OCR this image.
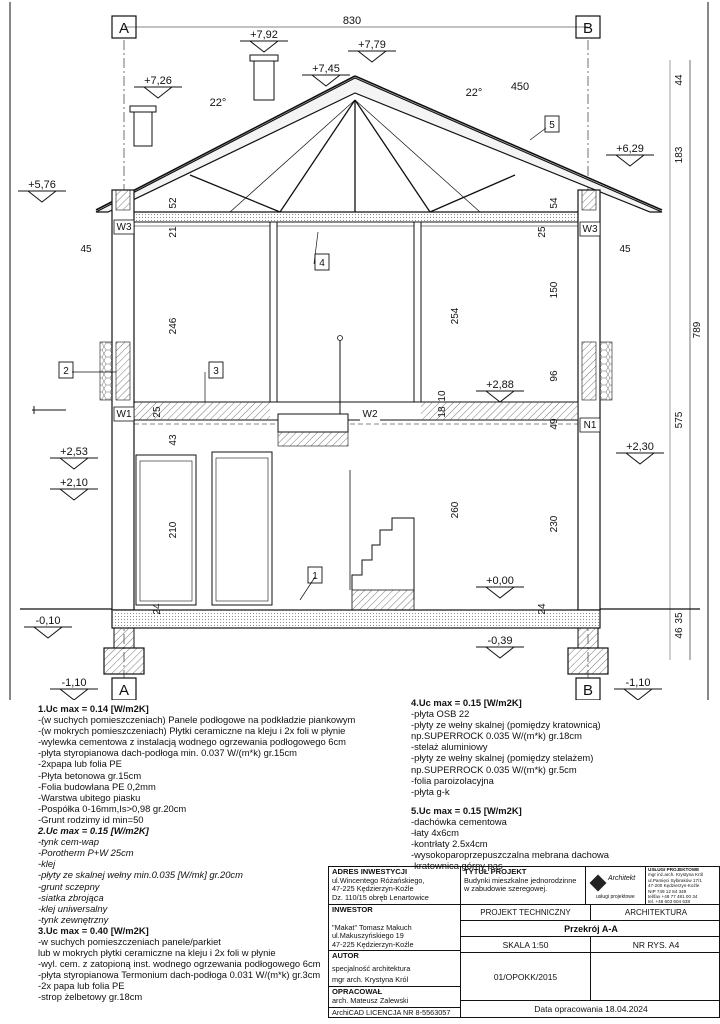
A	B
A	B
830
+7,92
+7,79
+7,45
+7,26
+6,29
+5,76
+2,88
+2,53
+2,10
+2,30
+0,00
-0,10
-0,39
-1,10	-1,10
52
21
246
25
43
210
24
54
25
254
150
96
10
18
260
230
49
24
45	45
44
183
575
789
35
46
450
22°
22°
W3	W3
W1	W2
N1
1
2	3
4
5
1.Uc max = 0.14 [W/m2K]
-(w suchych pomieszczeniach) Panele podłogowe na podkładzie piankowym
-(w mokrych pomieszczeniach) Płytki ceramiczne na kleju i 2x foli w płynie
-wylewka cementowa z instalacją wodnego ogrzewania podłogowego 6cm
-płyta styropianowa dach-podłoga min. 0.037 W/(m*k) gr.15cm
-2xpapa lub folia PE
-Płyta betonowa gr.15cm
-Folia budowlana PE 0,2mm
-Warstwa ubitego piasku
-Pospółka 0-16mm,Is>0,98 gr.20cm
-Grunt rodzimy id min=50
2.Uc max = 0.15 [W/m2K]
-tynk cem-wap
-Porotherm P+W 25cm
-klej
-płyty ze skalnej wełny min.0.035 [W/mk] gr.20cm
-grunt sczepny
-siatka zbrojąca
-klej uniwersalny
-tynk zewnętrzny
3.Uc max = 0.40 [W/m2K]
-w suchych pomieszczeniach panele/parkiet
lub w mokrych płytki ceramiczne na kleju i 2x foli w płynie
-wyl. cem. z zatopioną inst. wodnego ogrzewania podłogowego 6cm
-płyta styropianowa Termonium dach-podłoga 0.031 W/(m*k) gr.3cm
-2x papa lub folia PE
-strop żelbetowy gr.18cm
4.Uc max = 0.15 [W/m2K]
-płyta OSB 22
-płyty ze wełny skalnej (pomiędzy kratownicą)
np.SUPERROCK 0.035 W/(m*k) gr.18cm
-stelaż aluminiowy
-płyty ze wełny skalnej (pomiędzy stelażem)
np.SUPERROCK 0.035 W/(m*k) gr.5cm
-folia paroizolacyjna
-płyta g-k
5.Uc max = 0.15 [W/m2K]
-dachówka cementowa
-łaty 4x6cm
-kontrłaty 2.5x4cm
-wysokoparoprzepuszczalna mebrana dachowa
-kratownica górny pas
ADRES INWESTYCJI
ul.Wincentego Różańskiego,
47-225 Kędzierzyn-Koźle
Dz. 110/15 obręb Lenartowice
TYTUŁ PROJEKT
Budynki mieszkalne jednorodzinne
w zabudowie szeregowej.
Architekt
usługi projektowe
USŁUGI PROJEKTOWE
mgr inż.arch. Krystyna Król
ul.Pamięci Sybiraków 17/1
47-200 Kędzierzyn-Koźle
NIP 749 12 84 349
tel/fax +48 77 481 00 34
tel. +48 603 604 638
INWESTOR
"Makat" Tomasz Makuch
ul.Makuszyńskiego 19
47-225 Kędzierzyn-Koźle
AUTOR
specjalność architektura
mgr arch. Krystyna Król
OPRACOWAŁ
arch. Mateusz Zalewski
ArchiCAD LICENCJA NR 8-5563057
PROJEKT TECHNICZNY	ARCHITEKTURA
Przekrój A-A
SKALA 1:50	NR RYS. A4
01/OPOKK/2015
Data opracowania 18.04.2024
